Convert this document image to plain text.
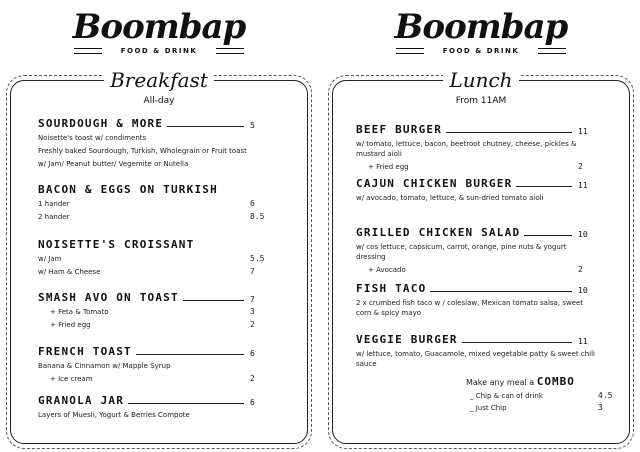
Boombap
FOOD & DRINK
Breakfast
All-day
SOURDOUGH & MORE	5
Noisette's toast w/ condiments
Freshly baked Sourdough, Turkish, Wholegrain or Fruit toast
w/ Jam/ Peanut butter/ Vegemite or Nutella
BACON & EGGS ON TURKISH
1 hander	6
2 hander	8.5
NOISETTE'S CROISSANT
w/ Jam	5.5
w/ Ham & Cheese	7
SMASH AVO ON TOAST	7
+ Feta & Tomato	3
+ Fried egg	2
FRENCH TOAST	6
Banana & Cinnamon w/ Mapple Syrup
+ Ice cream	2
GRANOLA JAR	6
Layers of Muesli, Yogurt & Berries Compote
Boombap
FOOD & DRINK
Lunch
From 11AM
BEEF BURGER	11
w/ tomato, lettuce, bacon, beetroot chutney, cheese, pickles & mustard aioli
+ Fried egg	2
CAJUN CHICKEN BURGER	11
w/ avocado, tomato, lettuce, & sun-dried tomato aioli
GRILLED CHICKEN SALAD	10
w/ cos lettuce, capsicum, carrot, orange, pine nuts & yogurt dressing
+ Avocado	2
FISH TACO	10
2 x crumbed fish taco w / coleslaw, Mexican tomato salsa, sweet corn & spicy mayo
VEGGIE BURGER	11
w/ lettuce, tomato, Guacamole, mixed vegetable patty & sweet chili sauce
Make any meal a COMBO
_ Chip & can of drink	4.5
_ Just Chip	3
